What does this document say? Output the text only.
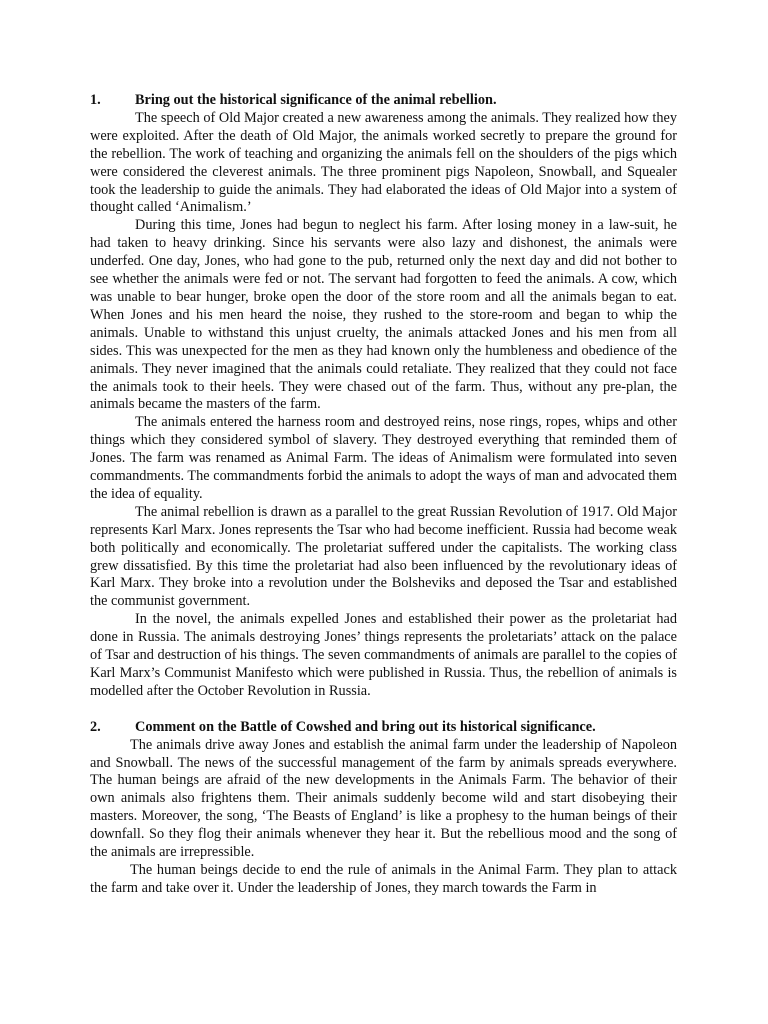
1.	Bring out the historical significance of the animal rebellion.

The speech of Old Major created a new awareness among the animals. They realized how they were exploited. After the death of Old Major, the animals worked secretly to prepare the ground for the rebellion. The work of teaching and organizing the animals fell on the shoulders of the pigs which were considered the cleverest animals. The three prominent pigs Napoleon, Snowball, and Squealer took the leadership to guide the animals. They had elaborated the ideas of Old Major into a system of thought called ‘Animalism.’

During this time, Jones had begun to neglect his farm. After losing money in a law-suit, he had taken to heavy drinking. Since his servants were also lazy and dishonest, the animals were underfed. One day, Jones, who had gone to the pub, returned only the next day and did not bother to see whether the animals were fed or not. The servant had forgotten to feed the animals. A cow, which was unable to bear hunger, broke open the door of the store room and all the animals began to eat. When Jones and his men heard the noise, they rushed to the store-room and began to whip the animals. Unable to withstand this unjust cruelty, the animals attacked Jones and his men from all sides. This was unexpected for the men as they had known only the humbleness and obedience of the animals. They never imagined that the animals could retaliate. They realized that they could not face the animals took to their heels. They were chased out of the farm. Thus, without any pre-plan, the animals became the masters of the farm.

The animals entered the harness room and destroyed reins, nose rings, ropes, whips and other things which they considered symbol of slavery. They destroyed everything that reminded them of Jones. The farm was renamed as Animal Farm. The ideas of Animalism were formulated into seven commandments. The commandments forbid the animals to adopt the ways of man and advocated them the idea of equality.

The animal rebellion is drawn as a parallel to the great Russian Revolution of 1917. Old Major represents Karl Marx. Jones represents the Tsar who had become inefficient. Russia had become weak both politically and economically. The proletariat suffered under the capitalists. The working class grew dissatisfied. By this time the proletariat had also been influenced by the revolutionary ideas of Karl Marx. They broke into a revolution under the Bolsheviks and deposed the Tsar and established the communist government.

In the novel, the animals expelled Jones and established their power as the proletariat had done in Russia. The animals destroying Jones’ things represents the proletariats’ attack on the palace of Tsar and destruction of his things. The seven commandments of animals are parallel to the copies of Karl Marx’s Communist Manifesto which were published in Russia. Thus, the rebellion of animals is modelled after the October Revolution in Russia.

2.	Comment on the Battle of Cowshed and bring out its historical significance.

The animals drive away Jones and establish the animal farm under the leadership of Napoleon and Snowball. The news of the successful management of the farm by animals spreads everywhere. The human beings are afraid of the new developments in the Animals Farm. The behavior of their own animals also frightens them. Their animals suddenly become wild and start disobeying their masters. Moreover, the song, ‘The Beasts of England’ is like a prophesy to the human beings of their downfall. So they flog their animals whenever they hear it. But the rebellious mood and the song of the animals are irrepressible.

The human beings decide to end the rule of animals in the Animal Farm. They plan to attack the farm and take over it. Under the leadership of Jones, they march towards the Farm in
